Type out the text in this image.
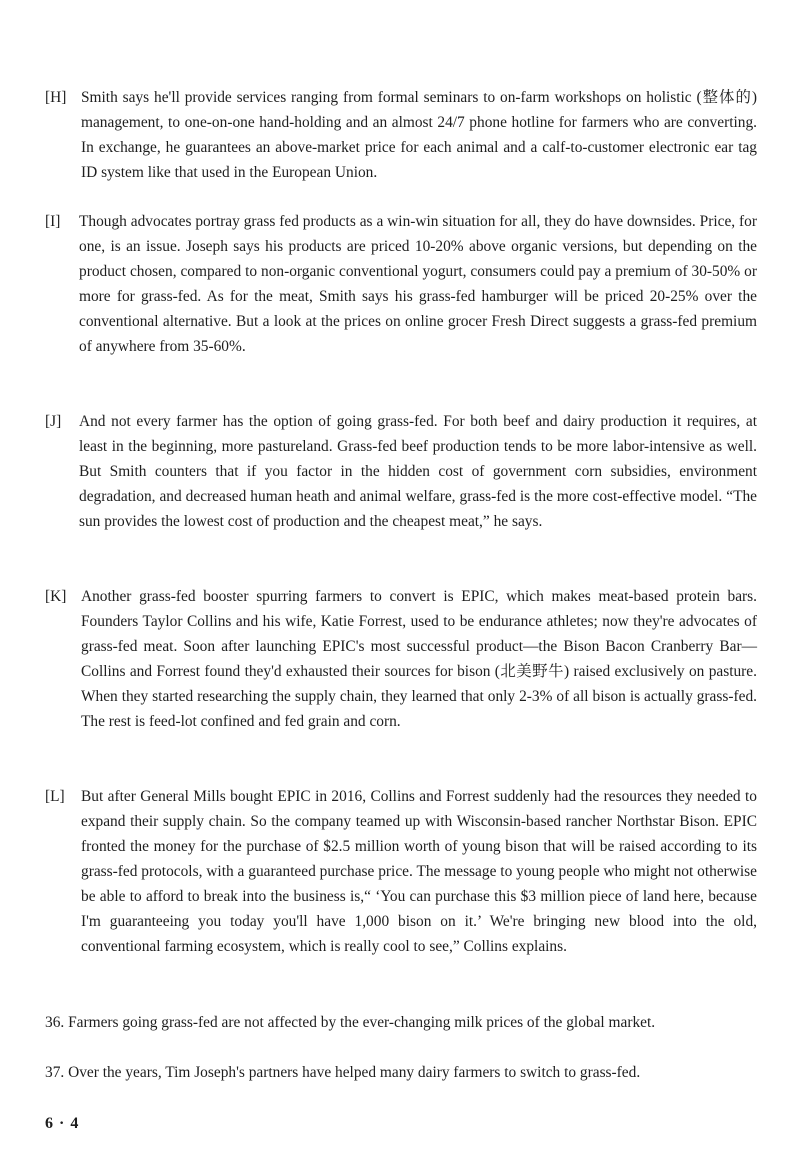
[H] Smith says he'll provide services ranging from formal seminars to on-farm workshops on holistic (整体的) management, to one-on-one hand-holding and an almost 24/7 phone hotline for farmers who are converting. In exchange, he guarantees an above-market price for each animal and a calf-to-customer electronic ear tag ID system like that used in the European Union.
[I]	Though advocates portray grass fed products as a win-win situation for all, they do have downsides. Price, for one, is an issue. Joseph says his products are priced 10-20% above organic versions, but depending on the product chosen, compared to non-organic conventional yogurt, consumers could pay a premium of 30-50% or more for grass-fed. As for the meat, Smith says his grass-fed hamburger will be priced 20-25% over the conventional alternative. But a look at the prices on online grocer Fresh Direct suggests a grass-fed premium of anywhere from 35-60%.
[J]	And not every farmer has the option of going grass-fed. For both beef and dairy production it requires, at least in the beginning, more pastureland. Grass-fed beef production tends to be more labor-intensive as well. But Smith counters that if you factor in the hidden cost of government corn subsidies, environment degradation, and decreased human heath and animal welfare, grass-fed is the more cost-effective model. “The sun provides the lowest cost of production and the cheapest meat,” he says.
[K] Another grass-fed booster spurring farmers to convert is EPIC, which makes meat-based protein bars. Founders Taylor Collins and his wife, Katie Forrest, used to be endurance athletes; now they're advocates of grass-fed meat. Soon after launching EPIC's most successful product—the Bison Bacon Cranberry Bar—Collins and Forrest found they'd exhausted their sources for bison (北美野牛) raised exclusively on pasture. When they started researching the supply chain, they learned that only 2-3% of all bison is actually grass-fed. The rest is feed-lot confined and fed grain and corn.
[L]	But after General Mills bought EPIC in 2016, Collins and Forrest suddenly had the resources they needed to expand their supply chain. So the company teamed up with Wisconsin-based rancher Northstar Bison. EPIC fronted the money for the purchase of $2.5 million worth of young bison that will be raised according to its grass-fed protocols, with a guaranteed purchase price. The message to young people who might not otherwise be able to afford to break into the business is,“ ‘You can purchase this $3 million piece of land here, because I'm guaranteeing you today you'll have 1,000 bison on it.’ We're bringing new blood into the old, conventional farming ecosystem, which is really cool to see,” Collins explains.
36. Farmers going grass-fed are not affected by the ever-changing milk prices of the global market.
37. Over the years, Tim Joseph's partners have helped many dairy farmers to switch to grass-fed.
6 · 4
